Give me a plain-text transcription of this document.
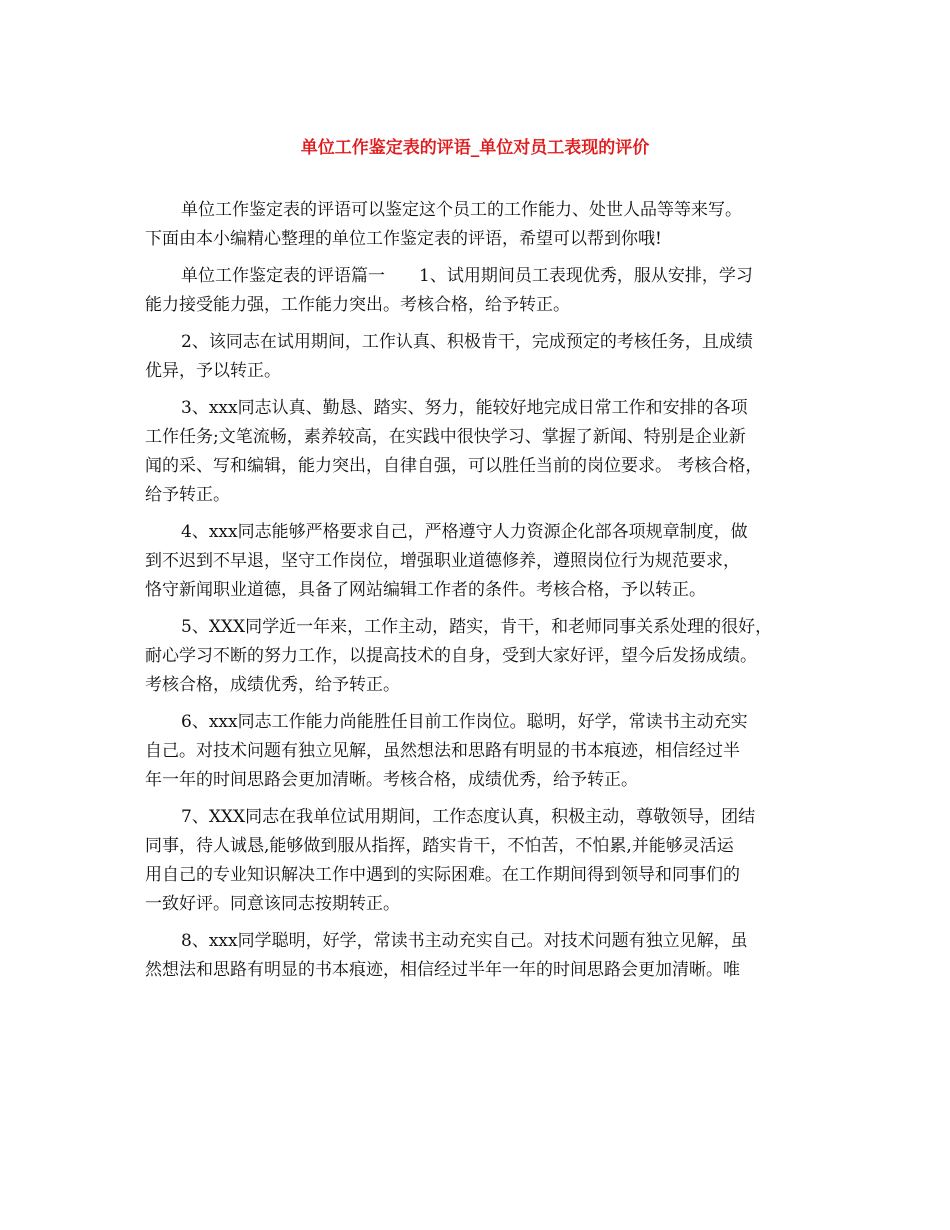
单位工作鉴定表的评语_单位对员工表现的评价

单位工作鉴定表的评语可以鉴定这个员工的工作能力、处世人品等等来写。
下面由本小编精心整理的单位工作鉴定表的评语，希望可以帮到你哦!

单位工作鉴定表的评语篇一　　1、试用期间员工表现优秀，服从安排，学习
能力接受能力强，工作能力突出。考核合格，给予转正。

2、该同志在试用期间，工作认真、积极肯干，完成预定的考核任务，且成绩
优异，予以转正。

3、xxx同志认真、勤恳、踏实、努力，能较好地完成日常工作和安排的各项
工作任务;文笔流畅，素养较高，在实践中很快学习、掌握了新闻、特别是企业新
闻的采、写和编辑，能力突出，自律自强，可以胜任当前的岗位要求。 考核合格，
给予转正。

4、xxx同志能够严格要求自己，严格遵守人力资源企化部各项规章制度，做
到不迟到不早退，坚守工作岗位，增强职业道德修养，遵照岗位行为规范要求，
恪守新闻职业道德，具备了网站编辑工作者的条件。考核合格，予以转正。

5、XXX同学近一年来，工作主动，踏实，肯干，和老师同事关系处理的很好，
耐心学习不断的努力工作，以提高技术的自身，受到大家好评，望今后发扬成绩。
考核合格，成绩优秀，给予转正。

6、xxx同志工作能力尚能胜任目前工作岗位。聪明，好学，常读书主动充实
自己。对技术问题有独立见解，虽然想法和思路有明显的书本痕迹，相信经过半
年一年的时间思路会更加清晰。考核合格，成绩优秀，给予转正。

7、XXX同志在我单位试用期间，工作态度认真，积极主动，尊敬领导，团结
同事，待人诚恳,能够做到服从指挥，踏实肯干，不怕苦，不怕累,并能够灵活运
用自己的专业知识解决工作中遇到的实际困难。在工作期间得到领导和同事们的
一致好评。同意该同志按期转正。

8、xxx同学聪明，好学，常读书主动充实自己。对技术问题有独立见解，虽
然想法和思路有明显的书本痕迹，相信经过半年一年的时间思路会更加清晰。唯
